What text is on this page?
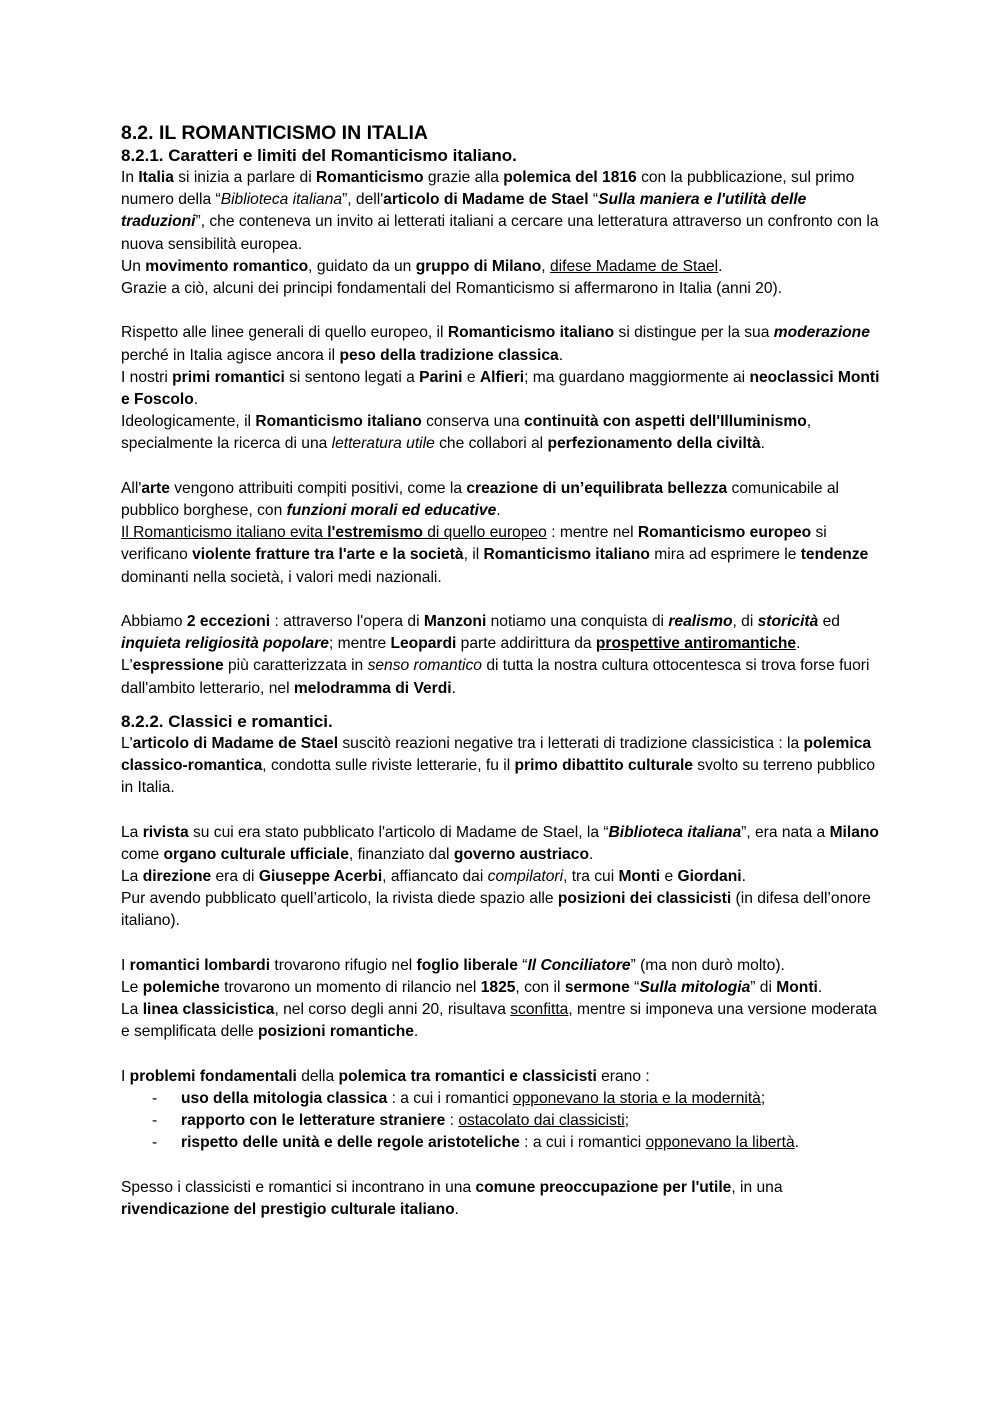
8.2. IL ROMANTICISMO IN ITALIA
8.2.1. Caratteri e limiti del Romanticismo italiano.

In Italia si inizia a parlare di Romanticismo grazie alla polemica del 1816 con la pubblicazione, sul primo numero della “Biblioteca italiana”, dell'articolo di Madame de Stael “Sulla maniera e l'utilità delle traduzioni”, che conteneva un invito ai letterati italiani a cercare una letteratura attraverso un confronto con la nuova sensibilità europea.

Un movimento romantico, guidato da un gruppo di Milano, difese Madame de Stael.

Grazie a ciò, alcuni dei principi fondamentali del Romanticismo si affermarono in Italia (anni 20).

Rispetto alle linee generali di quello europeo, il Romanticismo italiano si distingue per la sua moderazione perché in Italia agisce ancora il peso della tradizione classica.

I nostri primi romantici si sentono legati a Parini e Alfieri; ma guardano maggiormente ai neoclassici Monti e Foscolo.

Ideologicamente, il Romanticismo italiano conserva una continuità con aspetti dell'Illuminismo, specialmente la ricerca di una letteratura utile che collabori al perfezionamento della civiltà.

All'arte vengono attribuiti compiti positivi, come la creazione di un’equilibrata bellezza comunicabile al pubblico borghese, con funzioni morali ed educative.

Il Romanticismo italiano evita l'estremismo di quello europeo : mentre nel Romanticismo europeo si verificano violente fratture tra l'arte e la società, il Romanticismo italiano mira ad esprimere le tendenze dominanti nella società, i valori medi nazionali.

Abbiamo 2 eccezioni : attraverso l'opera di Manzoni notiamo una conquista di realismo, di storicità ed inquieta religiosità popolare; mentre Leopardi parte addirittura da prospettive antiromantiche.

L'espressione più caratterizzata in senso romantico di tutta la nostra cultura ottocentesca si trova forse fuori dall'ambito letterario, nel melodramma di Verdi.

8.2.2. Classici e romantici.

L'articolo di Madame de Stael suscitò reazioni negative tra i letterati di tradizione classicistica : la polemica classico-romantica, condotta sulle riviste letterarie, fu il primo dibattito culturale svolto su terreno pubblico in Italia.

La rivista su cui era stato pubblicato l'articolo di Madame de Stael, la “Biblioteca italiana”, era nata a Milano come organo culturale ufficiale, finanziato dal governo austriaco.

La direzione era di Giuseppe Acerbi, affiancato dai compilatori, tra cui Monti e Giordani.

Pur avendo pubblicato quell’articolo, la rivista diede spazio alle posizioni dei classicisti (in difesa dell’onore italiano).

I romantici lombardi trovarono rifugio nel foglio liberale “Il Conciliatore” (ma non durò molto).

Le polemiche trovarono un momento di rilancio nel 1825, con il sermone “Sulla mitologia” di Monti.

La linea classicistica, nel corso degli anni 20, risultava sconfitta, mentre si imponeva una versione moderata e semplificata delle posizioni romantiche.

I problemi fondamentali della polemica tra romantici e classicisti erano :

- uso della mitologia classica : a cui i romantici opponevano la storia e la modernità;
- rapporto con le letterature straniere : ostacolato dai classicisti;
- rispetto delle unità e delle regole aristoteliche : a cui i romantici opponevano la libertà.

Spesso i classicisti e romantici si incontrano in una comune preoccupazione per l'utile, in una rivendicazione del prestigio culturale italiano.
